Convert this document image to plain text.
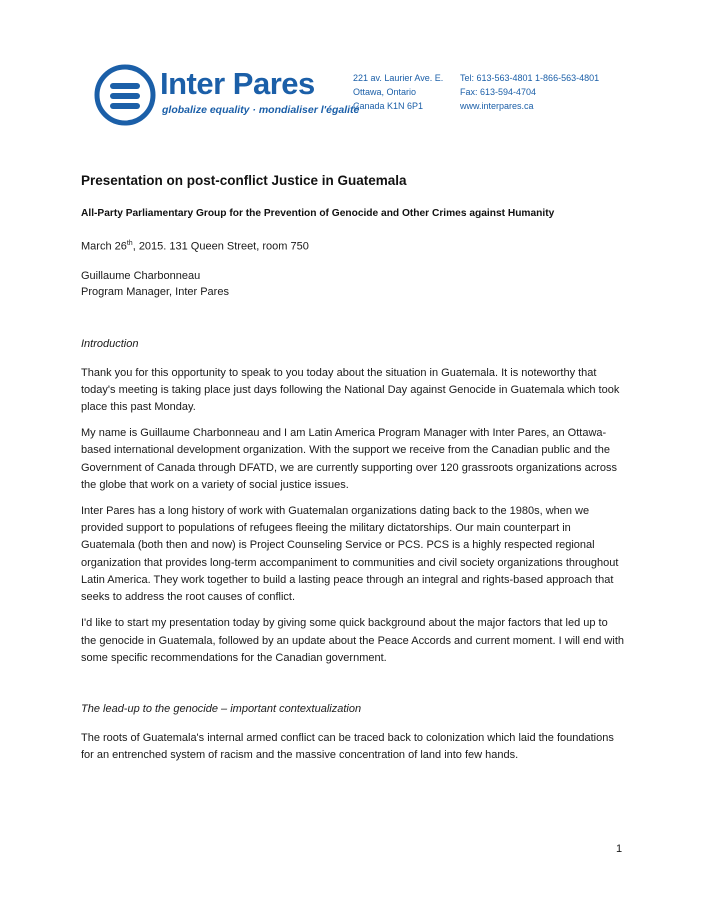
Inter Pares
globalize equality · mondialiser l'égalité
221 av. Laurier Ave. E.
Ottawa, Ontario
Canada K1N 6P1
Tel: 613-563-4801 1-866-563-4801
Fax: 613-594-4704
www.interpares.ca
Presentation on post-conflict Justice in Guatemala

All-Party Parliamentary Group for the Prevention of Genocide and Other Crimes against Humanity

March 26th, 2015. 131 Queen Street, room 750

Guillaume Charbonneau
Program Manager, Inter Pares

Introduction

Thank you for this opportunity to speak to you today about the situation in Guatemala. It is noteworthy that today's meeting is taking place just days following the National Day against Genocide in Guatemala which took place this past Monday.

My name is Guillaume Charbonneau and I am Latin America Program Manager with Inter Pares, an Ottawa-based international development organization. With the support we receive from the Canadian public and the Government of Canada through DFATD, we are currently supporting over 120 grassroots organizations across the globe that work on a variety of social justice issues.

Inter Pares has a long history of work with Guatemalan organizations dating back to the 1980s, when we provided support to populations of refugees fleeing the military dictatorships. Our main counterpart in Guatemala (both then and now) is Project Counseling Service or PCS. PCS is a highly respected regional organization that provides long-term accompaniment to communities and civil society organizations throughout Latin America. They work together to build a lasting peace through an integral and rights-based approach that seeks to address the root causes of conflict.

I'd like to start my presentation today by giving some quick background about the major factors that led up to the genocide in Guatemala, followed by an update about the Peace Accords and current moment. I will end with some specific recommendations for the Canadian government.

The lead-up to the genocide – important contextualization

The roots of Guatemala's internal armed conflict can be traced back to colonization which laid the foundations for an entrenched system of racism and the massive concentration of land into few hands.

1
